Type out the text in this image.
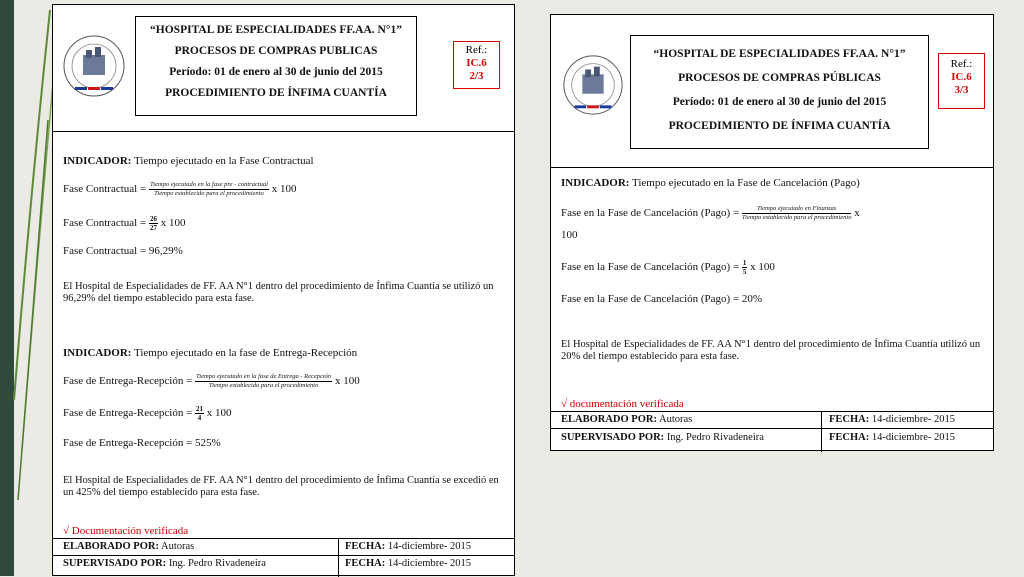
“HOSPITAL DE ESPECIALIDADES FF.AA. N°1”
PROCESOS DE COMPRAS PUBLICAS
Período: 01 de enero al 30 de junio del 2015
PROCEDIMIENTO DE ÍNFIMA CUANTÍA
Ref.:
IC.6
2/3
INDICADOR: Tiempo ejecutado en la Fase Contractual
Fase Contractual = $\frac{\text{Tiempo ejecutado en la fase pre - contractual}}{\text{Tiempo establecido para el procedimiento}}$ x 100
Fase Contractual = $\frac{26}{27}$ x 100
Fase Contractual = 96,29%
El Hospital de Especialidades de FF. AA N°1 dentro del procedimiento de Ínfima Cuantía se utilizó un 96,29% del tiempo establecido para esta fase.
INDICADOR: Tiempo ejecutado en la fase de Entrega-Recepción
Fase de Entrega-Recepción = $\frac{\text{Tiempo ejecutado en la fase de Entrega - Recepción}}{\text{Tiempo establecido para el procedimiento}}$ x 100
Fase de Entrega-Recepción = $\frac{21}{4}$ x 100
Fase de Entrega-Recepción = 525%
El Hospital de Especialidades de FF. AA N°1 dentro del procedimiento de Ínfima Cuantía se excedió en un 425% del tiempo establecido para esta fase.
√ Documentación verificada
ELABORADO POR: Autoras	FECHA: 14-diciembre- 2015
SUPERVISADO POR: Ing. Pedro Rivadeneira	FECHA: 14-diciembre- 2015
“HOSPITAL DE ESPECIALIDADES FF.AA. N°1”
PROCESOS DE COMPRAS PÚBLICAS
Período: 01 de enero al 30 de junio del 2015
PROCEDIMIENTO DE ÍNFIMA CUANTÍA
Ref.:
IC.6
3/3
INDICADOR: Tiempo ejecutado en la Fase de Cancelación (Pago)
Fase en la Fase de Cancelación (Pago) = $\frac{\text{Tiempo ejecutado en Finanzas}}{\text{Tiempo establecido para el procedimiento}}$ x
100
Fase en la Fase de Cancelación (Pago) = $\frac{1}{5}$ x 100
Fase en la Fase de Cancelación (Pago) = 20%
El Hospital de Especialidades de FF. AA N°1 dentro del procedimiento de Ínfima Cuantía utilizó un 20% del tiempo establecido para esta fase.
√ documentación verificada
ELABORADO POR: Autoras	FECHA: 14-diciembre- 2015
SUPERVISADO POR: Ing. Pedro Rivadeneira	FECHA: 14-diciembre- 2015
